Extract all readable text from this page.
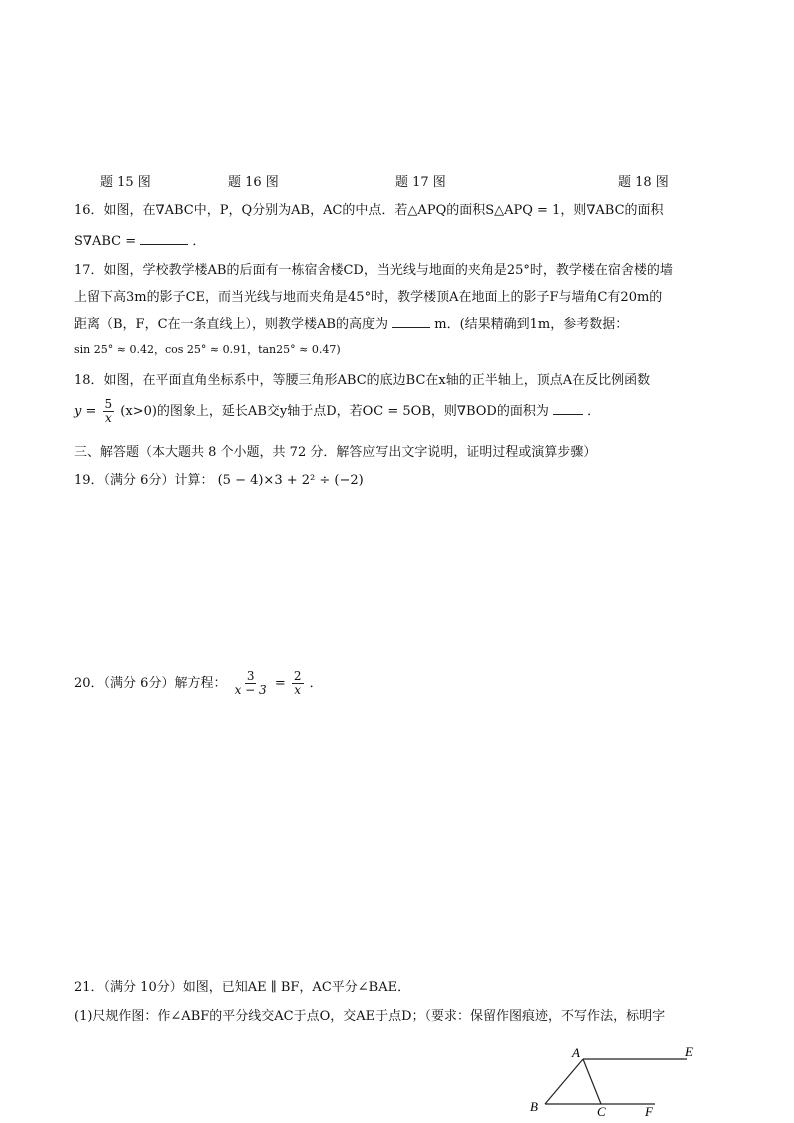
题 15 图	题 16 图	题 17 图	题 18 图
16．如图，在∇ABC中，P，Q分别为AB，AC的中点．若△APQ的面积S△APQ = 1，则∇ABC的面积
S∇ABC =	．
17．如图，学校教学楼AB的后面有一栋宿舍楼CD，当光线与地面的夹角是25°时，教学楼在宿舍楼的墙
上留下高3m的影子CE，而当光线与地而夹角是45°时，教学楼顶A在地面上的影子F与墙角C有20m的
距离（B，F，C在一条直线上），则教学楼AB的高度为	m．(结果精确到1m，参考数据：
sin 25° ≈ 0.42，cos 25° ≈ 0.91，tan25° ≈ 0.47)
18．如图，在平面直角坐标系中，等腰三角形ABC的底边BC在x轴的正半轴上，顶点A在反比例函数
$y = \frac{5}{x} (x>0)$的图象上，延长AB交y轴于点D，若OC = 5OB，则∇BOD的面积为	．
三、解答题（本大题共 8 个小题，共 72 分．解答应写出文字说明，证明过程或演算步骤）
19．（满分 6分）计算： (5 − 4)×3 + 2² ÷ (−2)
20．（满分 6分）解方程： $\frac{3}{x - 3} = \frac{2}{x}$ ．
21．（满分 10分）如图，已知AE ∥ BF，AC平分∠BAE．
(1)尺规作图：作∠ABF的平分线交AC于点O，交AE于点D；（要求：保留作图痕迹，不写作法，标明字
A	E
B	C	F
